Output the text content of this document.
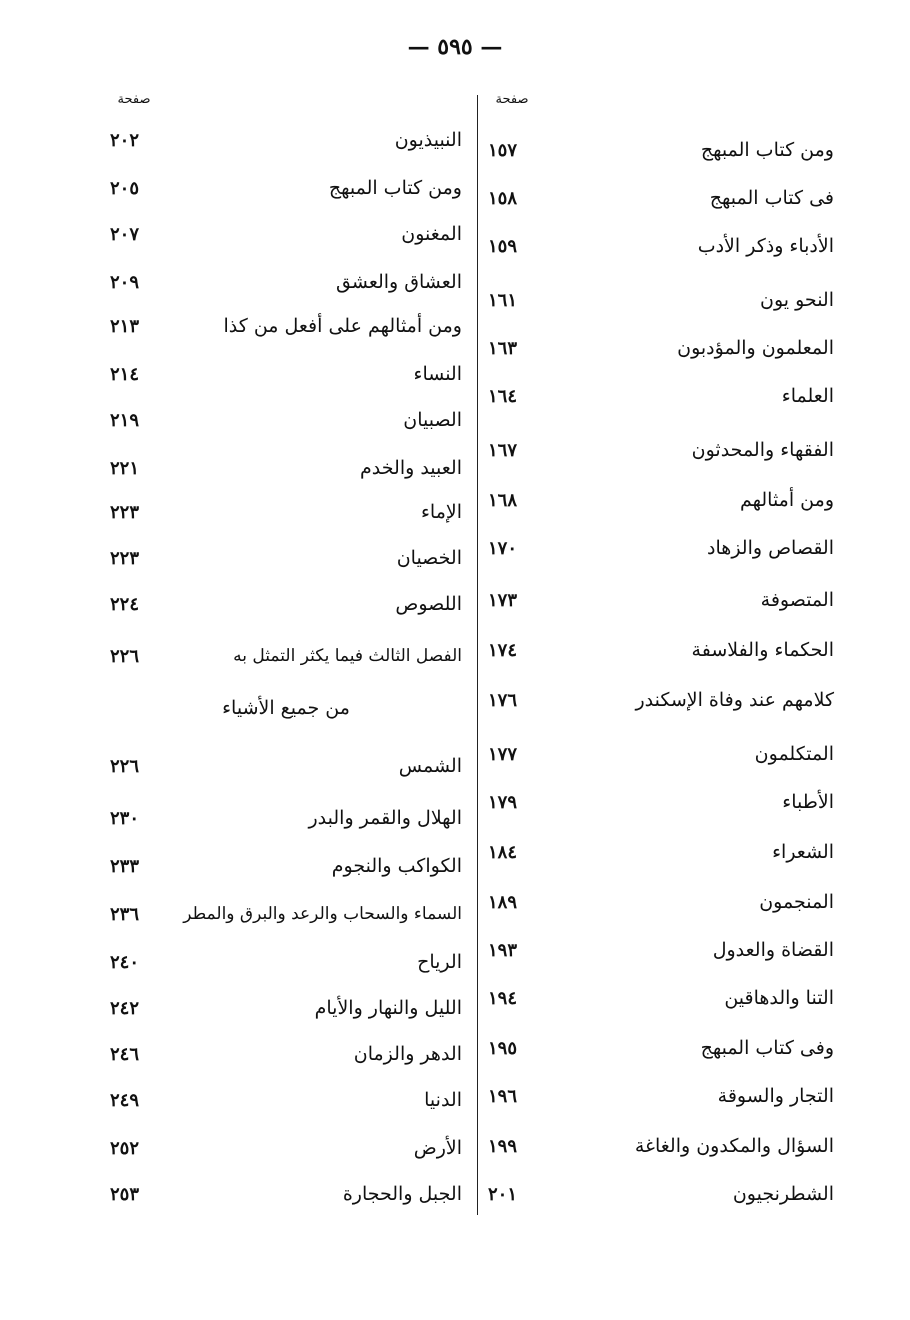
— ٥٩٥ —
صفحة	صفحة
ومن كتاب المبهج
١٥٧
فى كتاب المبهج
١٥٨
الأدباء وذكر الأدب
١٥٩
النحو يون
١٦١
المعلمون والمؤدبون
١٦٣
العلماء
١٦٤
الفقهاء والمحدثون
١٦٧
ومن أمثالهم
١٦٨
القصاص والزهاد
١٧٠
المتصوفة
١٧٣
الحكماء والفلاسفة
١٧٤
كلامهم عند وفاة الإسكندر
١٧٦
المتكلمون
١٧٧
الأطباء
١٧٩
الشعراء
١٨٤
المنجمون
١٨٩
القضاة والعدول
١٩٣
التنا والدهاقين
١٩٤
وفى كتاب المبهج
١٩٥
التجار والسوقة
١٩٦
السؤال والمكدون والغاغة
١٩٩
الشطرنجيون
٢٠١
النبيذيون
٢٠٢
ومن كتاب المبهج
٢٠٥
المغنون
٢٠٧
العشاق والعشق
٢٠٩
ومن أمثالهم على أفعل من كذا
٢١٣
النساء
٢١٤
الصبيان
٢١٩
العبيد والخدم
٢٢١
الإماء
٢٢٣
الخصيان
٢٢٣
اللصوص
٢٢٤
الفصل الثالث فيما يكثر التمثل به
٢٢٦
من جميع الأشياء
الشمس
٢٢٦
الهلال والقمر والبدر
٢٣٠
الكواكب والنجوم
٢٣٣
السماء والسحاب والرعد والبرق والمطر
٢٣٦
الرياح
٢٤٠
الليل والنهار والأيام
٢٤٢
الدهر والزمان
٢٤٦
الدنيا
٢٤٩
الأرض
٢٥٢
الجبل والحجارة
٢٥٣
